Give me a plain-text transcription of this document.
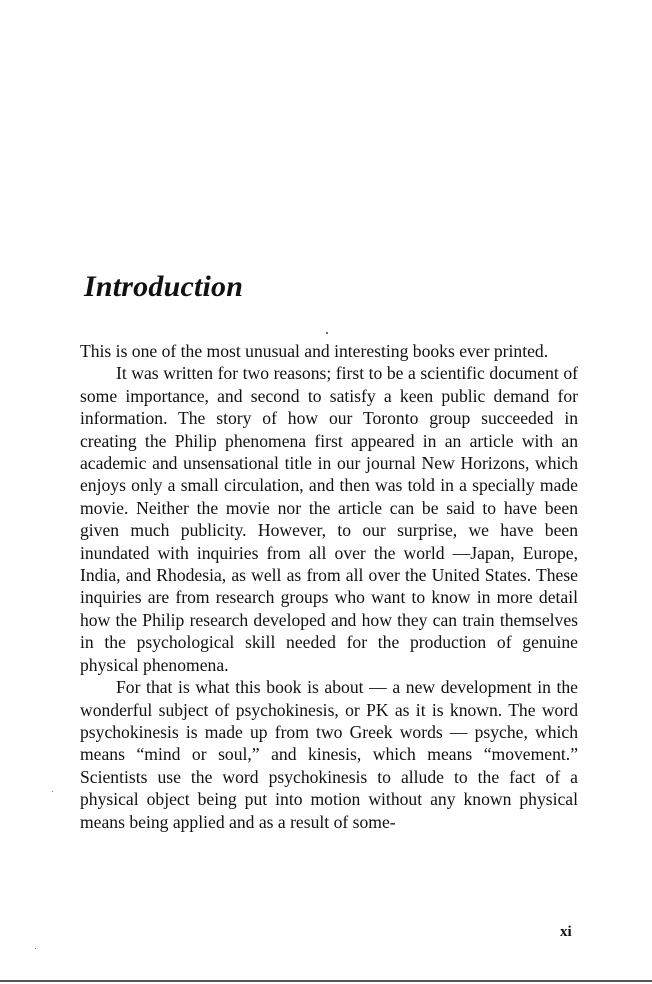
Introduction

This is one of the most unusual and interesting books ever printed.

It was written for two reasons; first to be a scientific document of some importance, and second to satisfy a keen public demand for information. The story of how our Toronto group succeeded in creating the Philip phenomena first appeared in an article with an academic and unsensational title in our journal New Horizons, which enjoys only a small circulation, and then was told in a specially made movie. Neither the movie nor the article can be said to have been given much publicity. However, to our surprise, we have been inundated with inquiries from all over the world —Japan, Europe, India, and Rhodesia, as well as from all over the United States. These inquiries are from research groups who want to know in more detail how the Philip research developed and how they can train themselves in the psychological skill needed for the production of genuine physical phenomena.

For that is what this book is about — a new development in the wonderful subject of psychokinesis, or PK as it is known. The word psychokinesis is made up from two Greek words — psyche, which means “mind or soul,” and kinesis, which means “movement.” Scientists use the word psychokinesis to allude to the fact of a physical object being put into motion without any known physical means being applied and as a result of some-

xi
